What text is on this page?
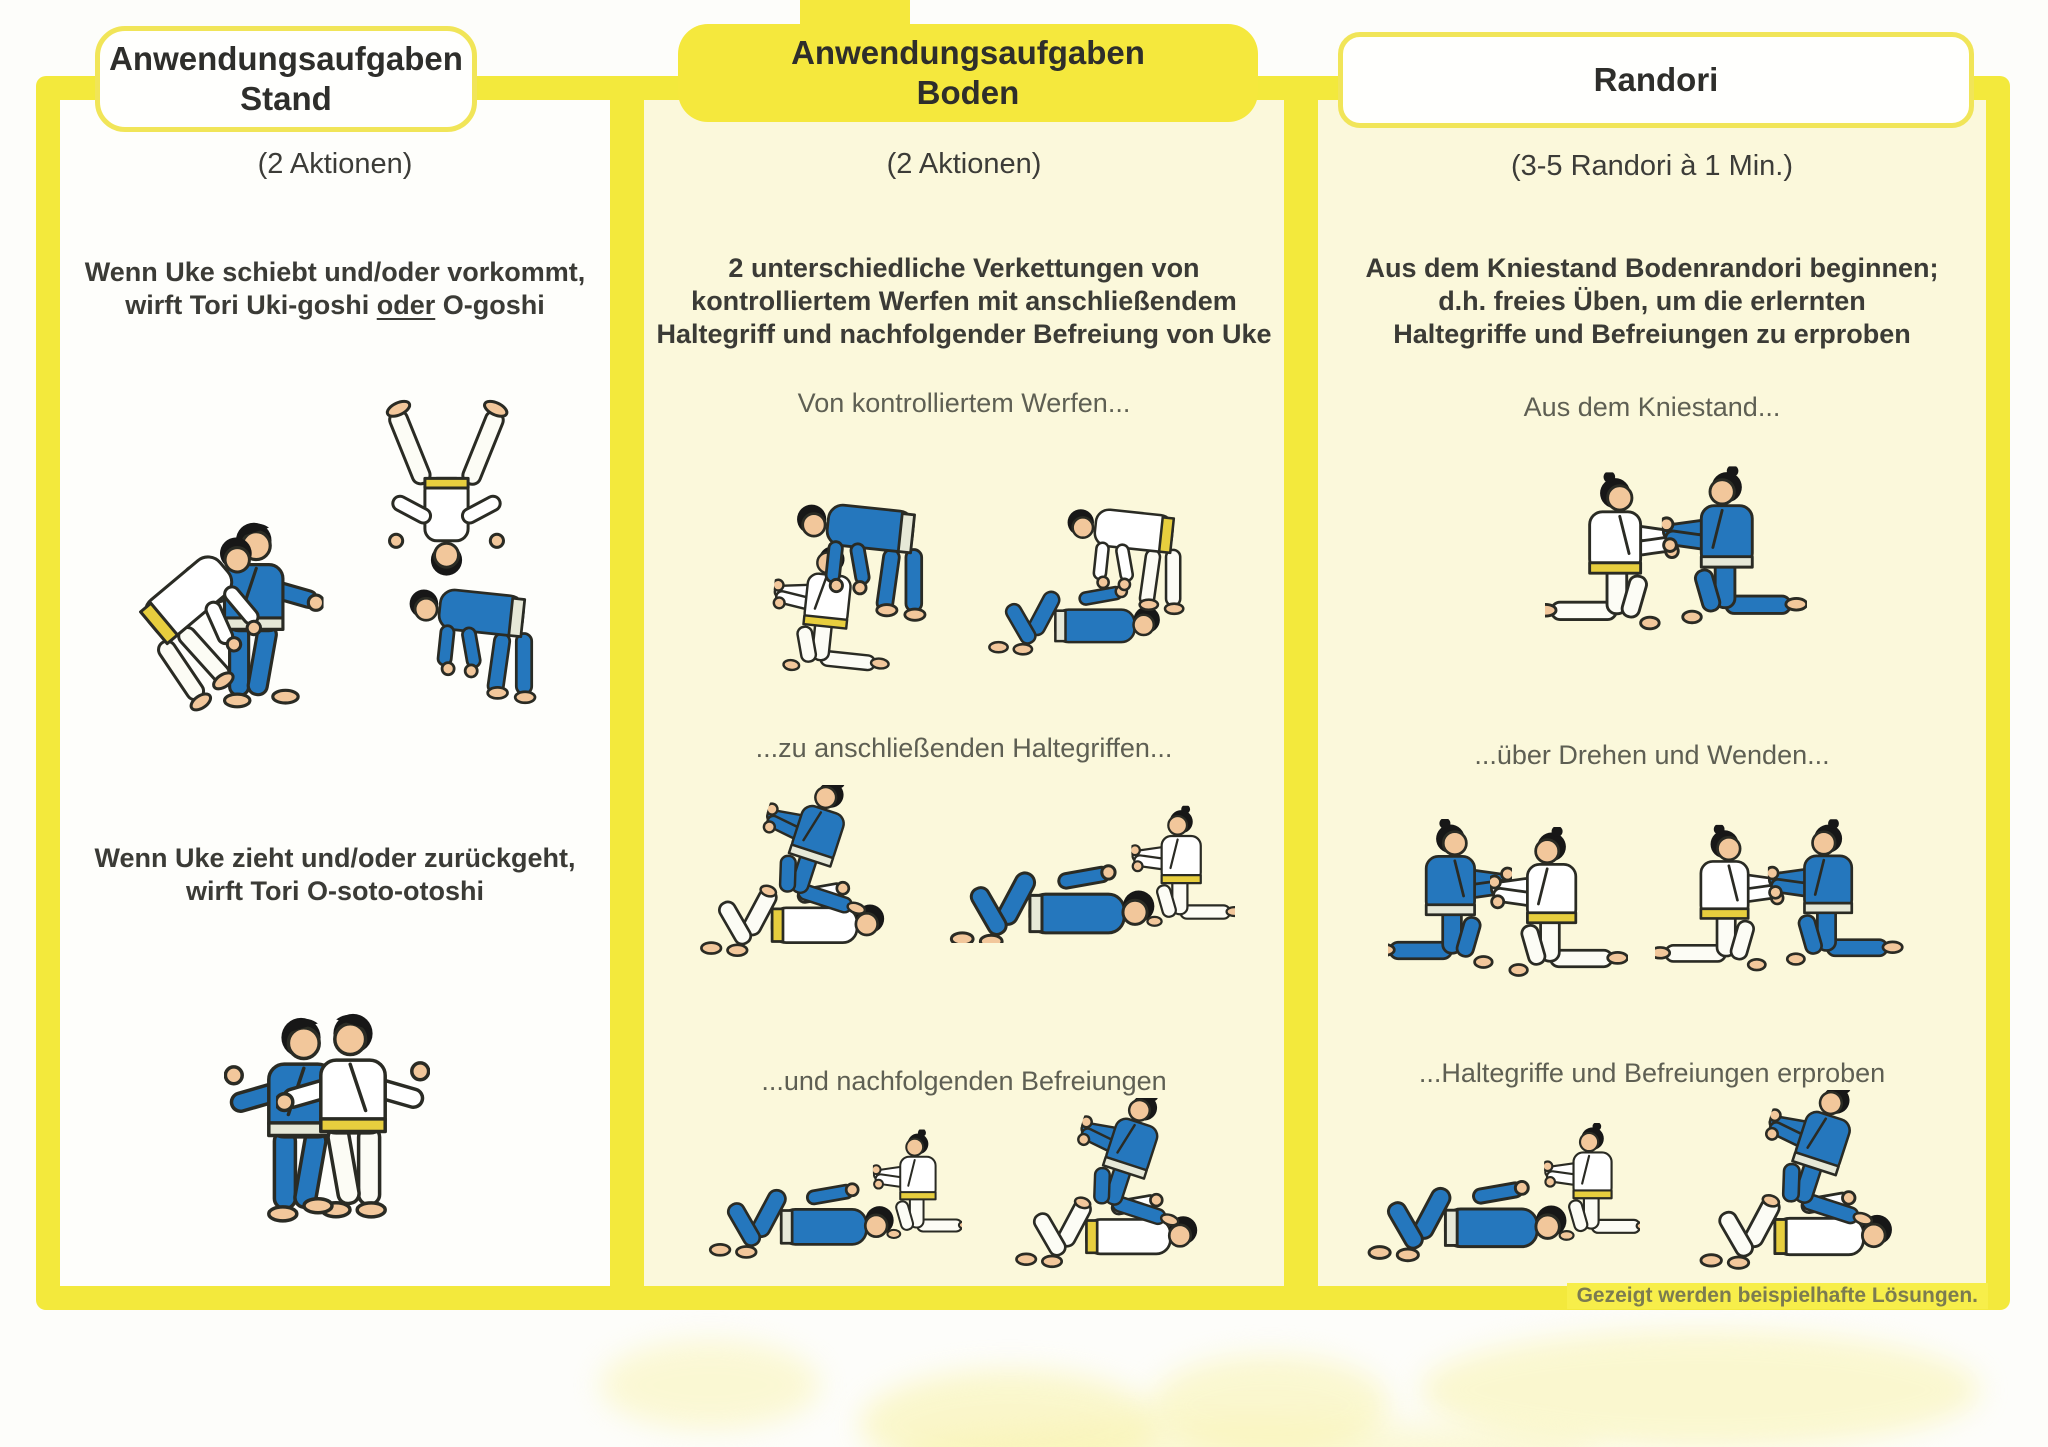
Anwendungsaufgaben
Stand
Anwendungsaufgaben
Boden	Randori
(2 Aktionen)	(2 Aktionen)	(3-5 Randori à 1 Min.)
Wenn Uke schiebt und/oder vorkommt,
wirft Tori Uki-goshi oder O-goshi
Wenn Uke zieht und/oder zurückgeht,
wirft Tori O-soto-otoshi
2 unterschiedliche Verkettungen von
kontrolliertem Werfen mit anschließendem
Haltegriff und nachfolgender Befreiung von Uke
Von kontrolliertem Werfen...
...zu anschließenden Haltegriffen...
...und nachfolgenden Befreiungen
Aus dem Kniestand Bodenrandori beginnen;
d.h. freies Üben, um die erlernten
Haltegriffe und Befreiungen zu erproben
Aus dem Kniestand...
...über Drehen und Wenden...
...Haltegriffe und Befreiungen erproben
Gezeigt werden beispielhafte Lösungen.
